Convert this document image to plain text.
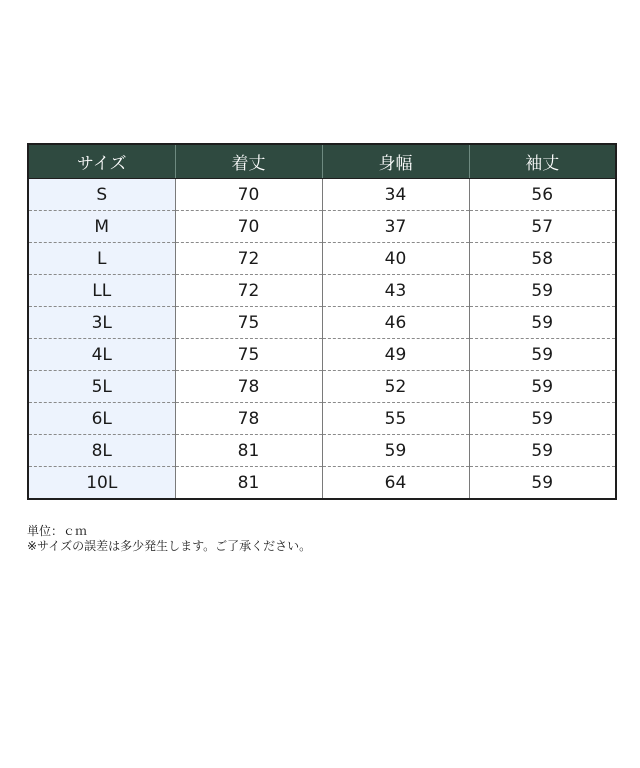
サイズ	着丈	身幅	袖丈
S	70	34	56
M	70	37	57
L	72	40	58
LL	72	43	59
3L	75	46	59
4L	75	49	59
5L	78	52	59
6L	78	55	59
8L	81	59	59
10L	81	64	59
単位：ｃｍ
※サイズの誤差は多少発生します。ご了承ください。
